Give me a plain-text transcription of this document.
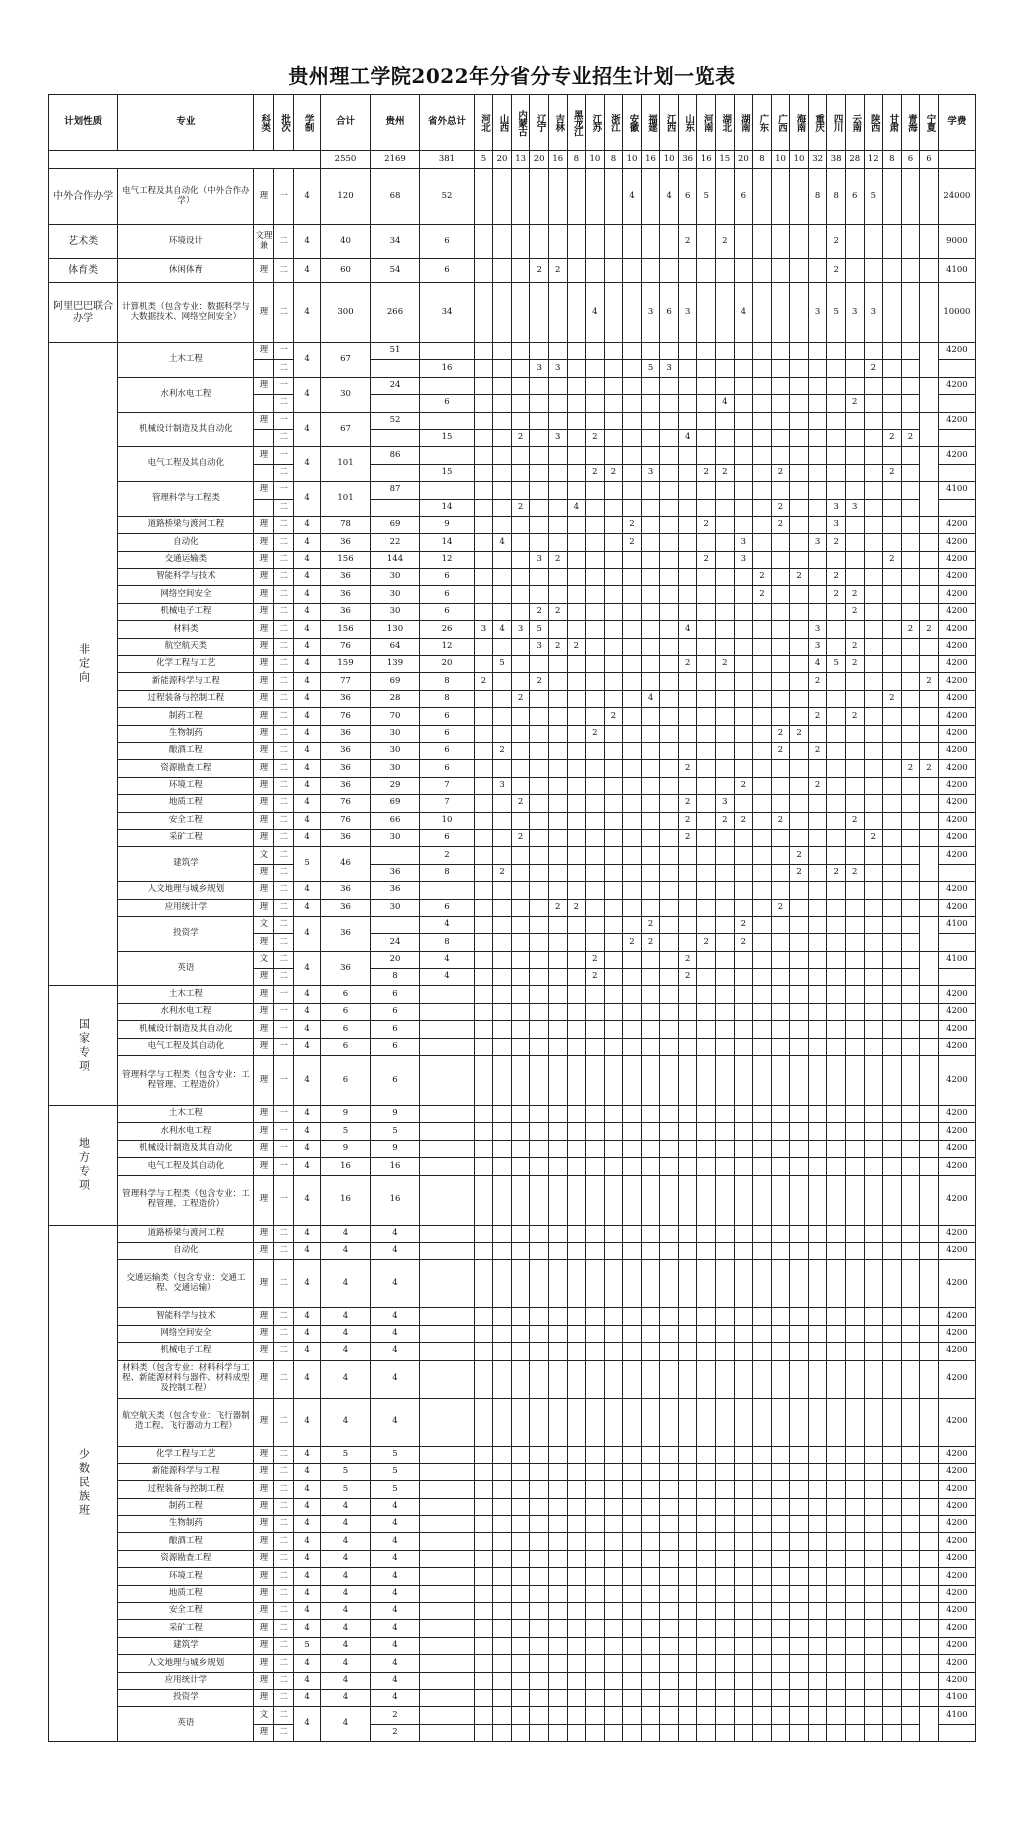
贵州理工学院2022年分省分专业招生计划一览表
计划性质	专业	科类	批次	学制	合计	贵州	省外总计	河北	山西	内蒙古	辽宁	吉林	黑龙江	江苏	浙江	安徽	福建	江西	山东	河南	湖北	湖南	广东	广西	海南	重庆	四川	云南	陕西	甘肃	青海	宁夏	学费
					2550	2169	381	5	20	13	20	16	8	10	8	10	16	10	36	16	15	20	8	10	10	32	38	28	12	8	6	6	
中外合作办学	电气工程及其自动化（中外合作办学）	理	一	4	120	68	52									4		4	6	5		6				8	8	6	5				24000
艺术类	环境设计	文理兼	二	4	40	34	6												2		2						2						9000
体育类	休闲体育	理	二	4	60	54	6				2	2															2						4100
阿里巴巴联合办学	计算机类（包含专业：数据科学与大数据技术、网络空间安全）	理	二	4	300	266	34							4			3	6	3			4				3	5	3	3				10000
非定向	土木工程	理	一	4	67	51																											4200
			二				16				3	3					5	3											2				
	水利水电工程	理	一	4	30	24																											4200
			二				6														4							2					
	机械设计制造及其自动化	理	一	4	67	52																											4200
			二				15			2		3		2					4											2	2		
	电气工程及其自动化	理	一	4	101	86																											4200
			二				15							2	2		3			2	2			2						2			
	管理科学与工程类	理	一	4	101	87																											4100
			二				14			2			4											2			3	3					
	道路桥梁与渡河工程	理	二	4	78	69	9									2				2				2			3						4200
	自动化	理	二	4	36	22	14		4							2						3				3	2						4200
	交通运输类	理	二	4	156	144	12				3	2								2		3								2			4200
	智能科学与技术	理	二	4	36	30	6																2		2		2						4200
	网络空间安全	理	二	4	36	30	6																2				2	2					4200
	机械电子工程	理	二	4	36	30	6				2	2																2					4200
	材料类	理	二	4	156	130	26	3	4	3	5								4							3					2	2	4200
	航空航天类	理	二	4	76	64	12				3	2	2													3		2					4200
	化学工程与工艺	理	二	4	159	139	20		5										2		2					4	5	2					4200
	新能源科学与工程	理	二	4	77	69	8	2			2															2						2	4200
	过程装备与控制工程	理	二	4	36	28	8			2							4													2			4200
	制药工程	理	二	4	76	70	6								2											2		2					4200
	生物制药	理	二	4	36	30	6							2										2	2								4200
	酿酒工程	理	二	4	36	30	6		2															2		2							4200
	资源勘查工程	理	二	4	36	30	6												2												2	2	4200
	环境工程	理	二	4	36	29	7		3													2				2							4200
	地质工程	理	二	4	76	69	7			2									2		3												4200
	安全工程	理	二	4	76	66	10												2		2	2		2				2					4200
	采矿工程	理	二	4	36	30	6			2									2										2				4200
	建筑学	文	二	5	46		2																		2								4200
		理	二			36	8		2																2		2	2					
	人文地理与城乡规划	理	二	4	36	36																											4200
	应用统计学	理	二	4	36	30	6					2	2											2									4200
	投资学	文	二	4	36		4										2					2											4100
		理	二			24	8									2	2			2		2											
	英语	文	二	4	36	20	4							2					2														4100
		理	二			8	4							2					2														
国家专项	土木工程	理	一	4	6	6																											4200
	水利水电工程	理	一	4	6	6																											4200
	机械设计制造及其自动化	理	一	4	6	6																											4200
	电气工程及其自动化	理	一	4	6	6																											4200
	管理科学与工程类（包含专业：工程管理、工程造价）	理	一	4	6	6																											4200
地方专项	土木工程	理	一	4	9	9																											4200
	水利水电工程	理	一	4	5	5																											4200
	机械设计制造及其自动化	理	一	4	9	9																											4200
	电气工程及其自动化	理	一	4	16	16																											4200
	管理科学与工程类（包含专业：工程管理、工程造价）	理	一	4	16	16																											4200
少数民族班	道路桥梁与渡河工程	理	二	4	4	4																											4200
	自动化	理	二	4	4	4																											4200
	交通运输类（包含专业：交通工程、交通运输）	理	二	4	4	4																											4200
	智能科学与技术	理	二	4	4	4																											4200
	网络空间安全	理	二	4	4	4																											4200
	机械电子工程	理	二	4	4	4																											4200
	材料类（包含专业：材料科学与工程、新能源材料与器件、材料成型及控制工程）	理	二	4	4	4																											4200
	航空航天类（包含专业：飞行器制造工程、飞行器动力工程）	理	二	4	4	4																											4200
	化学工程与工艺	理	二	4	5	5																											4200
	新能源科学与工程	理	二	4	5	5																											4200
	过程装备与控制工程	理	二	4	5	5																											4200
	制药工程	理	二	4	4	4																											4200
	生物制药	理	二	4	4	4																											4200
	酿酒工程	理	二	4	4	4																											4200
	资源勘查工程	理	二	4	4	4																											4200
	环境工程	理	二	4	4	4																											4200
	地质工程	理	二	4	4	4																											4200
	安全工程	理	二	4	4	4																											4200
	采矿工程	理	二	4	4	4																											4200
	建筑学	理	二	5	4	4																											4200
	人文地理与城乡规划	理	二	4	4	4																											4200
	应用统计学	理	二	4	4	4																											4200
	投资学	理	二	4	4	4																											4100
	英语	文	二	4	4	2																											4100
		理	二			2																											
